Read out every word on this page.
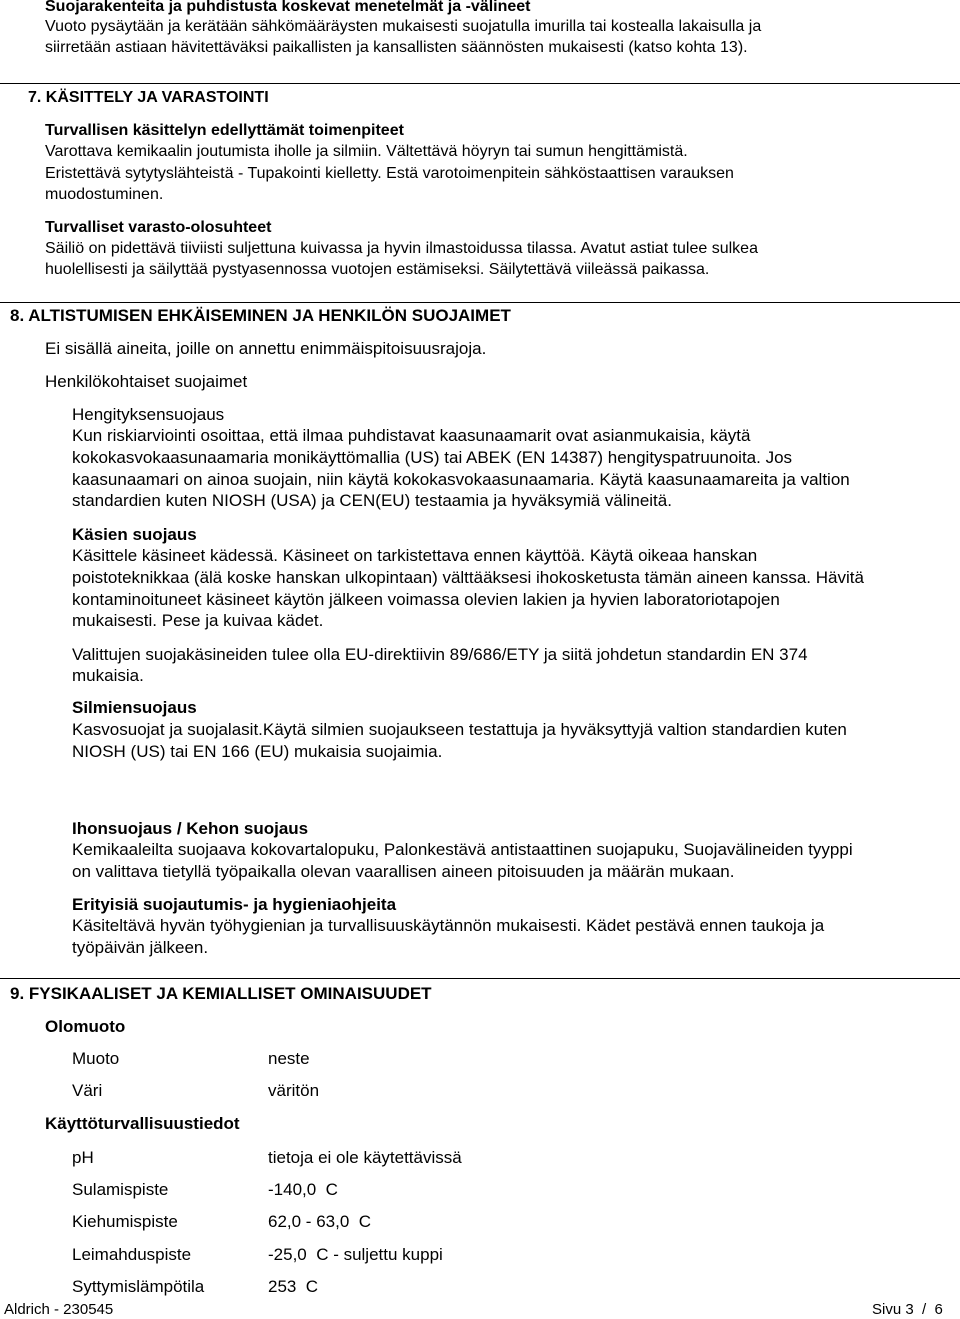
Suojarakenteita ja puhdistusta koskevat menetelmät ja -välineet
Vuoto pysäytään ja kerätään sähkömääräysten mukaisesti suojatulla imurilla tai kostealla lakaisulla ja
siirretään astiaan hävitettäväksi paikallisten ja kansallisten säännösten mukaisesti (katso kohta 13).
7. KÄSITTELY JA VARASTOINTI
Turvallisen käsittelyn edellyttämät toimenpiteet
Varottava kemikaalin joutumista iholle ja silmiin. Vältettävä höyryn tai sumun hengittämistä.
Eristettävä sytytyslähteistä - Tupakointi kielletty. Estä varotoimenpitein sähköstaattisen varauksen
muodostuminen.
Turvalliset varasto-olosuhteet
Säiliö on pidettävä tiiviisti suljettuna kuivassa ja hyvin ilmastoidussa tilassa. Avatut astiat tulee sulkea
huolellisesti ja säilyttää pystyasennossa vuotojen estämiseksi. Säilytettävä viileässä paikassa.
8. ALTISTUMISEN EHKÄISEMINEN JA HENKILÖN SUOJAIMET
Ei sisällä aineita, joille on annettu enimmäispitoisuusrajoja.
Henkilökohtaiset suojaimet
Hengityksensuojaus
Kun riskiarviointi osoittaa, että ilmaa puhdistavat kaasunaamarit ovat asianmukaisia, käytä
kokokasvokaasunaamaria monikäyttömallia (US) tai ABEK (EN 14387) hengityspatruunoita. Jos
kaasunaamari on ainoa suojain, niin käytä kokokasvokaasunaamaria. Käytä kaasunaamareita ja valtion
standardien kuten NIOSH (USA) ja CEN(EU) testaamia ja hyväksymiä välineitä.
Käsien suojaus
Käsittele käsineet kädessä. Käsineet on tarkistettava ennen käyttöä. Käytä oikeaa hanskan
poistoteknikkaa (älä koske hanskan ulkopintaan) välttääksesi ihokosketusta tämän aineen kanssa. Hävitä
kontaminoituneet käsineet käytön jälkeen voimassa olevien lakien ja hyvien laboratoriotapojen
mukaisesti. Pese ja kuivaa kädet.
Valittujen suojakäsineiden tulee olla EU-direktiivin 89/686/ETY ja siitä johdetun standardin EN 374
mukaisia.
Silmiensuojaus
Kasvosuojat ja suojalasit.Käytä silmien suojaukseen testattuja ja hyväksyttyjä valtion standardien kuten
NIOSH (US) tai EN 166 (EU) mukaisia suojaimia.
Ihonsuojaus / Kehon suojaus
Kemikaaleilta suojaava kokovartalopuku, Palonkestävä antistaattinen suojapuku, Suojavälineiden tyyppi
on valittava tietyllä työpaikalla olevan vaarallisen aineen pitoisuuden ja määrän mukaan.
Erityisiä suojautumis- ja hygieniaohjeita
Käsiteltävä hyvän työhygienian ja turvallisuuskäytännön mukaisesti. Kädet pestävä ennen taukoja ja
työpäivän jälkeen.
9. FYSIKAALISET JA KEMIALLISET OMINAISUUDET
Olomuoto
Muoto	neste
Väri	väritön
Käyttöturvallisuustiedot
pH	tietoja ei ole käytettävissä
Sulamispiste	-140,0  C
Kiehumispiste	62,0 - 63,0  C
Leimahduspiste	-25,0  C - suljettu kuppi
Syttymislämpötila	253  C
Aldrich - 230545	Sivu 3  /  6
